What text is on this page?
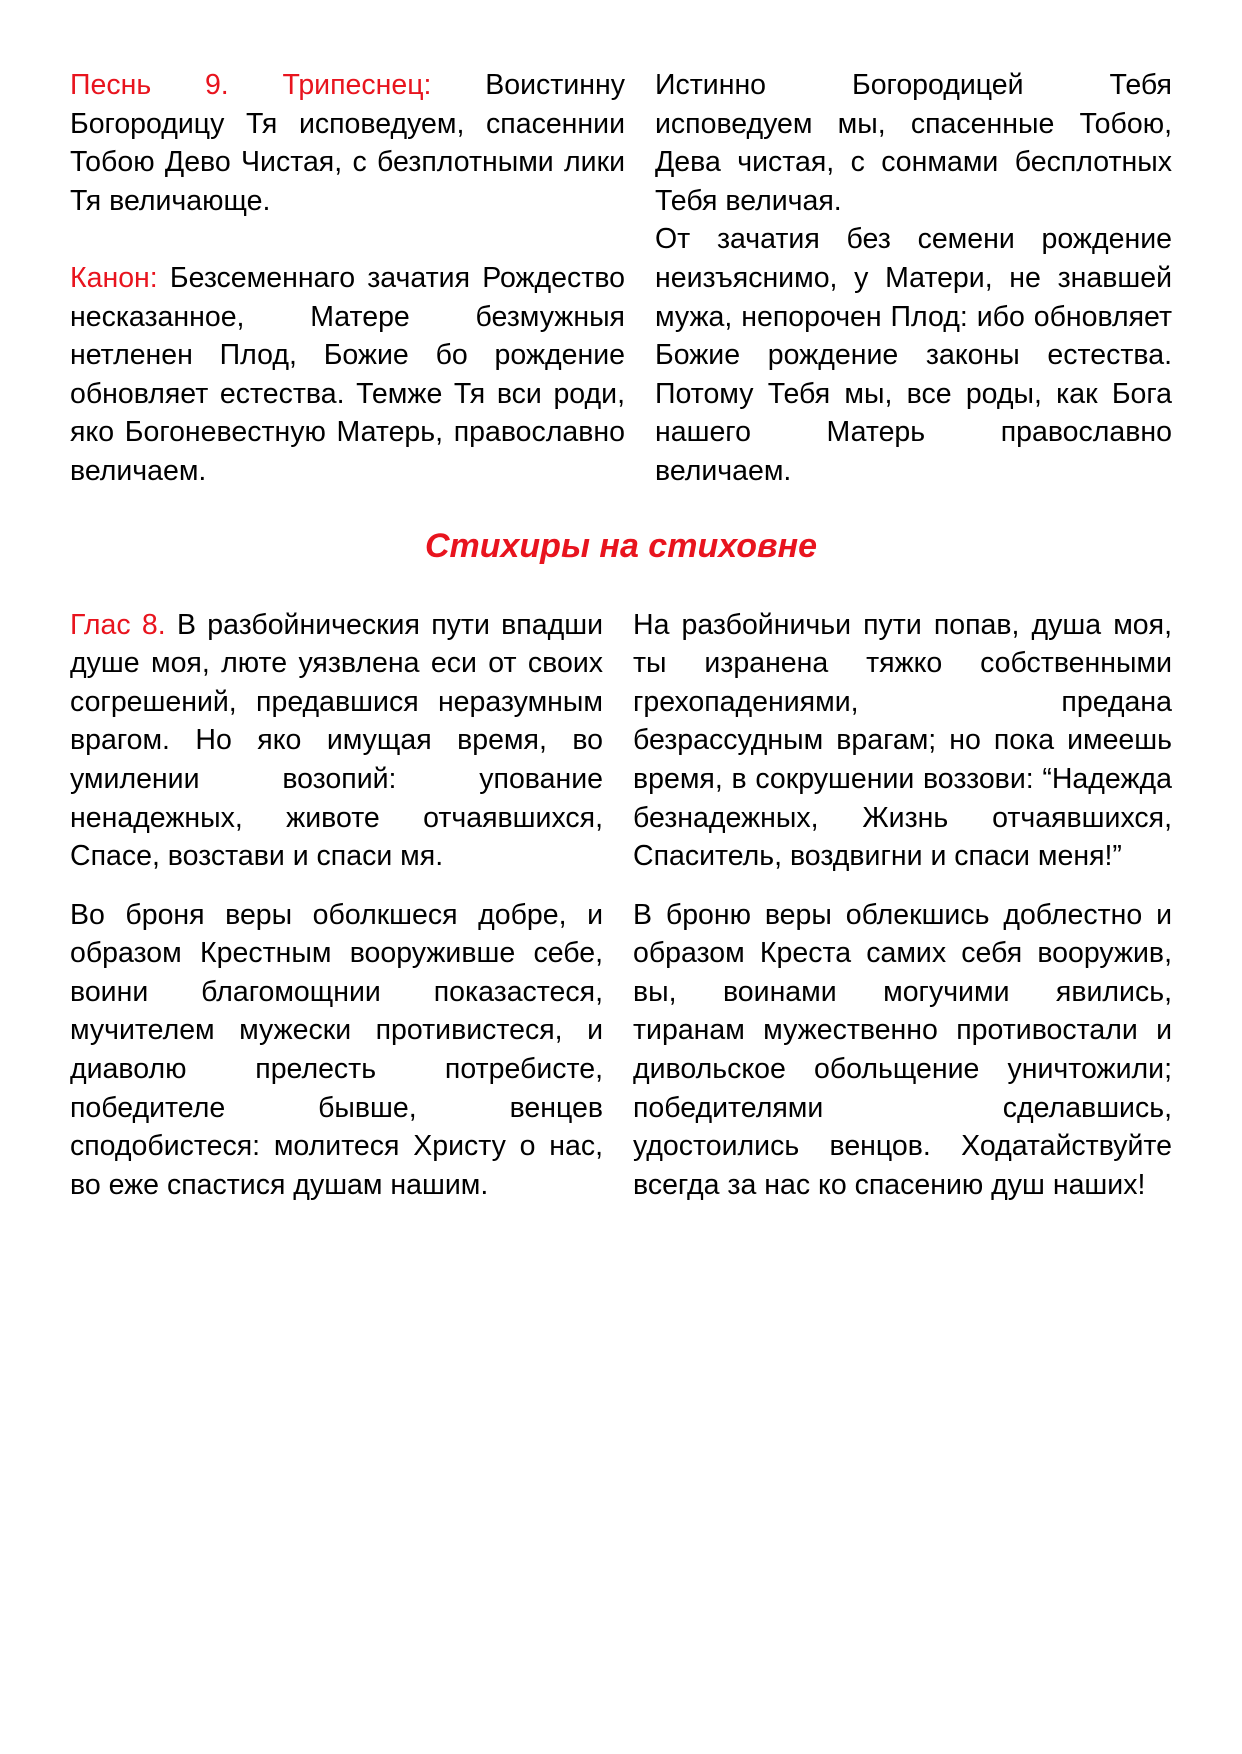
Песнь 9. Трипеснец: Воистинну Богородицу Тя исповедуем, спасеннии Тобою Дево Чистая, с безплотными лики Тя величающе.

Канон: Безсеменнаго зачатия Рождество несказанное, Матере безмужныя нетленен Плод, Божие бо рождение обновляет естества. Темже Тя вси роди, яко Богоневестную Матерь, православно величаем.

Истинно Богородицей Тебя исповедуем мы, спасенные Тобою, Дева чистая, с сонмами бесплотных Тебя величая.

От зачатия без семени рождение неизъяснимо, у Матери, не знавшей мужа, непорочен Плод: ибо обновляет Божие рождение законы естества. Потому Тебя мы, все роды, как Бога нашего Матерь православно величаем.

Стихиры на стиховне

Глас 8. В разбойническия пути впадши душе моя, люте уязвлена еси от своих согрешений, предавшися неразумным врагом. Но яко имущая время, во умилении возопий: упование ненадежных, животе отчаявшихся, Спасе, возстави и спаси мя.

На разбойничьи пути попав, душа моя, ты изранена тяжко собственными грехопадениями, предана безрассудным врагам; но пока имеешь время, в сокрушении воззови: “Надежда безнадежных, Жизнь отчаявшихся, Спаситель, воздвигни и спаси меня!”

Во броня веры оболкшеся добре, и образом Крестным вооруживше себе, воини благомощнии показастеся, мучителем мужески противистеся, и диаволю прелесть потребисте, победителе бывше, венцев сподобистеся: молитеся Христу о нас, во еже спастися душам нашим.

В броню веры облекшись доблестно и образом Креста самих себя вооружив, вы, воинами могучими явились, тиранам мужественно противостали и дивольское обольщение уничтожили; победителями сделавшись, удостоились венцов. Ходатайствуйте всегда за нас ко спасению душ наших!
